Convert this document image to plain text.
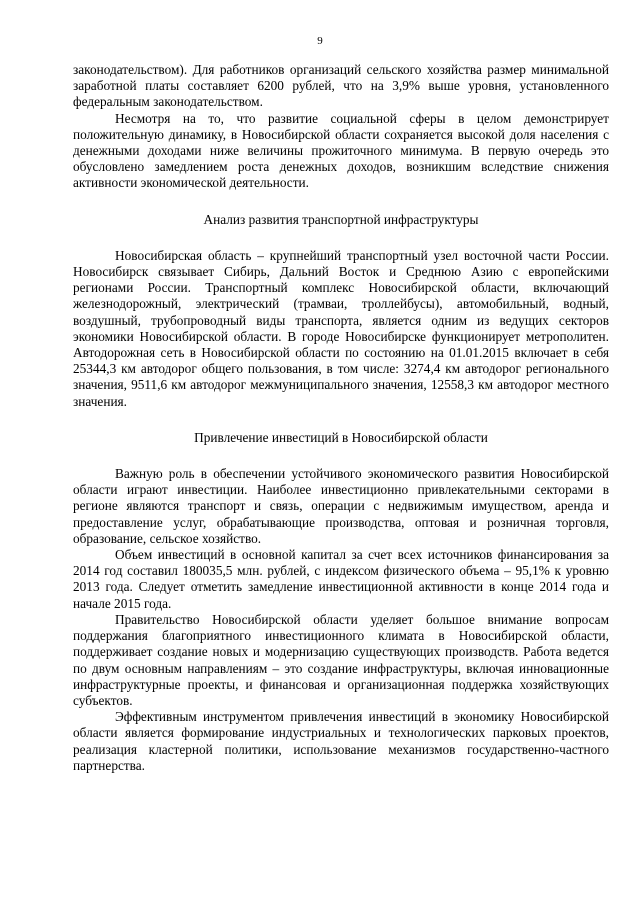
9

законодательством). Для работников организаций сельского хозяйства размер минимальной заработной платы составляет 6200 рублей, что на 3,9% выше уровня, установленного федеральным законодательством.

Несмотря на то, что развитие социальной сферы в целом демонстрирует положительную динамику, в Новосибирской области сохраняется высокой доля населения с денежными доходами ниже величины прожиточного минимума. В первую очередь это обусловлено замедлением роста денежных доходов, возникшим вследствие снижения активности экономической деятельности.

Анализ развития транспортной инфраструктуры

Новосибирская область – крупнейший транспортный узел восточной части России. Новосибирск связывает Сибирь, Дальний Восток и Среднюю Азию с европейскими регионами России. Транспортный комплекс Новосибирской области, включающий железнодорожный, электрический (трамваи, троллейбусы), автомобильный, водный, воздушный, трубопроводный виды транспорта, является одним из ведущих секторов экономики Новосибирской области. В городе Новосибирске функционирует метрополитен. Автодорожная сеть в Новосибирской области по состоянию на 01.01.2015 включает в себя 25344,3 км автодорог общего пользования, в том числе: 3274,4 км автодорог регионального значения, 9511,6 км автодорог межмуниципального значения, 12558,3 км автодорог местного значения.

Привлечение инвестиций в Новосибирской области

Важную роль в обеспечении устойчивого экономического развития Новосибирской области играют инвестиции. Наиболее инвестиционно привлекательными секторами в регионе являются транспорт и связь, операции с недвижимым имуществом, аренда и предоставление услуг, обрабатывающие производства, оптовая и розничная торговля, образование, сельское хозяйство.

Объем инвестиций в основной капитал за счет всех источников финансирования за 2014 год составил 180035,5 млн. рублей, с индексом физического объема – 95,1% к уровню 2013 года. Следует отметить замедление инвестиционной активности в конце 2014 года и начале 2015 года.

Правительство Новосибирской области уделяет большое внимание вопросам поддержания благоприятного инвестиционного климата в Новосибирской области, поддерживает создание новых и модернизацию существующих производств. Работа ведется по двум основным направлениям – это создание инфраструктуры, включая инновационные инфраструктурные проекты, и финансовая и организационная поддержка хозяйствующих субъектов.

Эффективным инструментом привлечения инвестиций в экономику Новосибирской области является формирование индустриальных и технологических парковых проектов, реализация кластерной политики, использование механизмов государственно-частного партнерства.
